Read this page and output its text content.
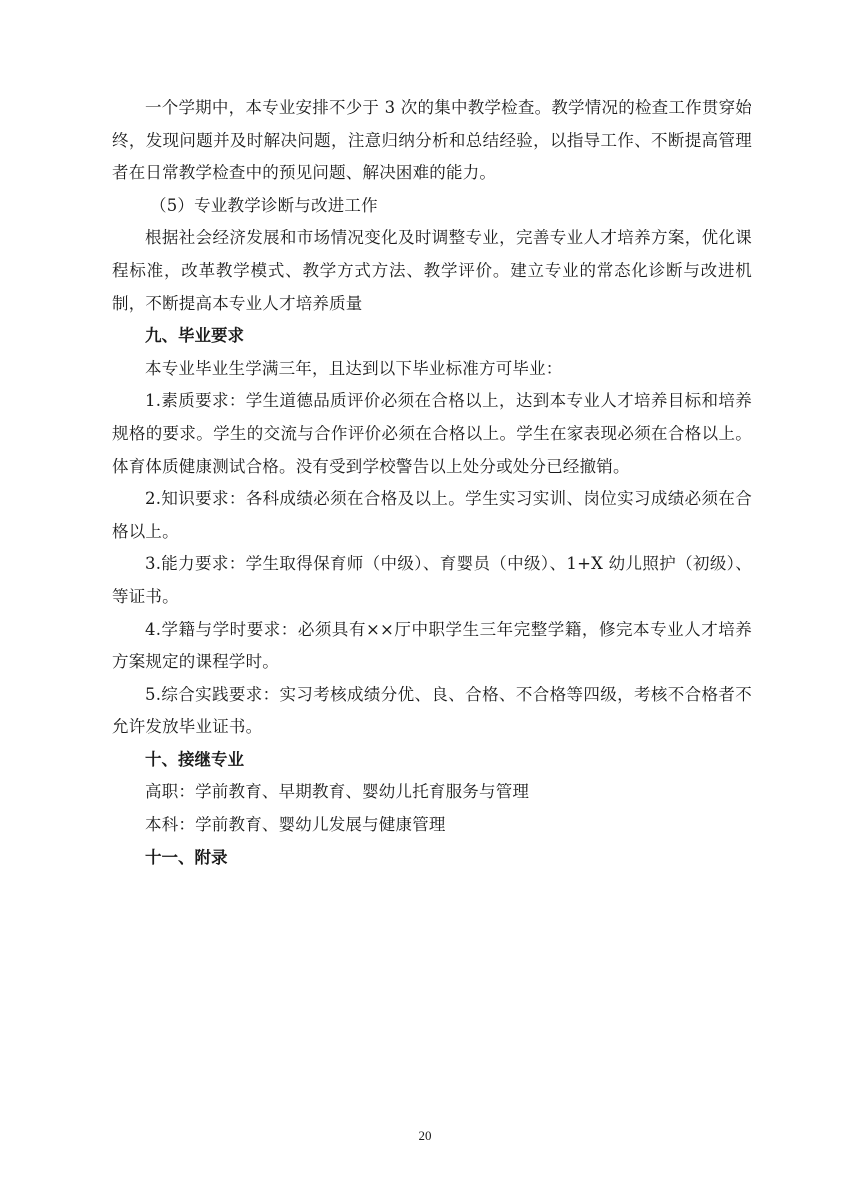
一个学期中，本专业安排不少于 3 次的集中教学检查。教学情况的检查工作贯穿始终，发现问题并及时解决问题，注意归纳分析和总结经验，以指导工作、不断提高管理者在日常教学检查中的预见问题、解决困难的能力。

（5）专业教学诊断与改进工作

根据社会经济发展和市场情况变化及时调整专业，完善专业人才培养方案，优化课程标准，改革教学模式、教学方式方法、教学评价。建立专业的常态化诊断与改进机制，不断提高本专业人才培养质量

九、毕业要求

本专业毕业生学满三年，且达到以下毕业标准方可毕业：

1.素质要求：学生道德品质评价必须在合格以上，达到本专业人才培养目标和培养规格的要求。学生的交流与合作评价必须在合格以上。学生在家表现必须在合格以上。体育体质健康测试合格。没有受到学校警告以上处分或处分已经撤销。

2.知识要求：各科成绩必须在合格及以上。学生实习实训、岗位实习成绩必须在合格以上。

3.能力要求：学生取得保育师（中级）、育婴员（中级）、1+X 幼儿照护（初级）、等证书。

4.学籍与学时要求：必须具有××厅中职学生三年完整学籍，修完本专业人才培养方案规定的课程学时。

5.综合实践要求：实习考核成绩分优、良、合格、不合格等四级，考核不合格者不允许发放毕业证书。

十、接继专业

高职：学前教育、早期教育、婴幼儿托育服务与管理

本科：学前教育、婴幼儿发展与健康管理

十一、附录

20
